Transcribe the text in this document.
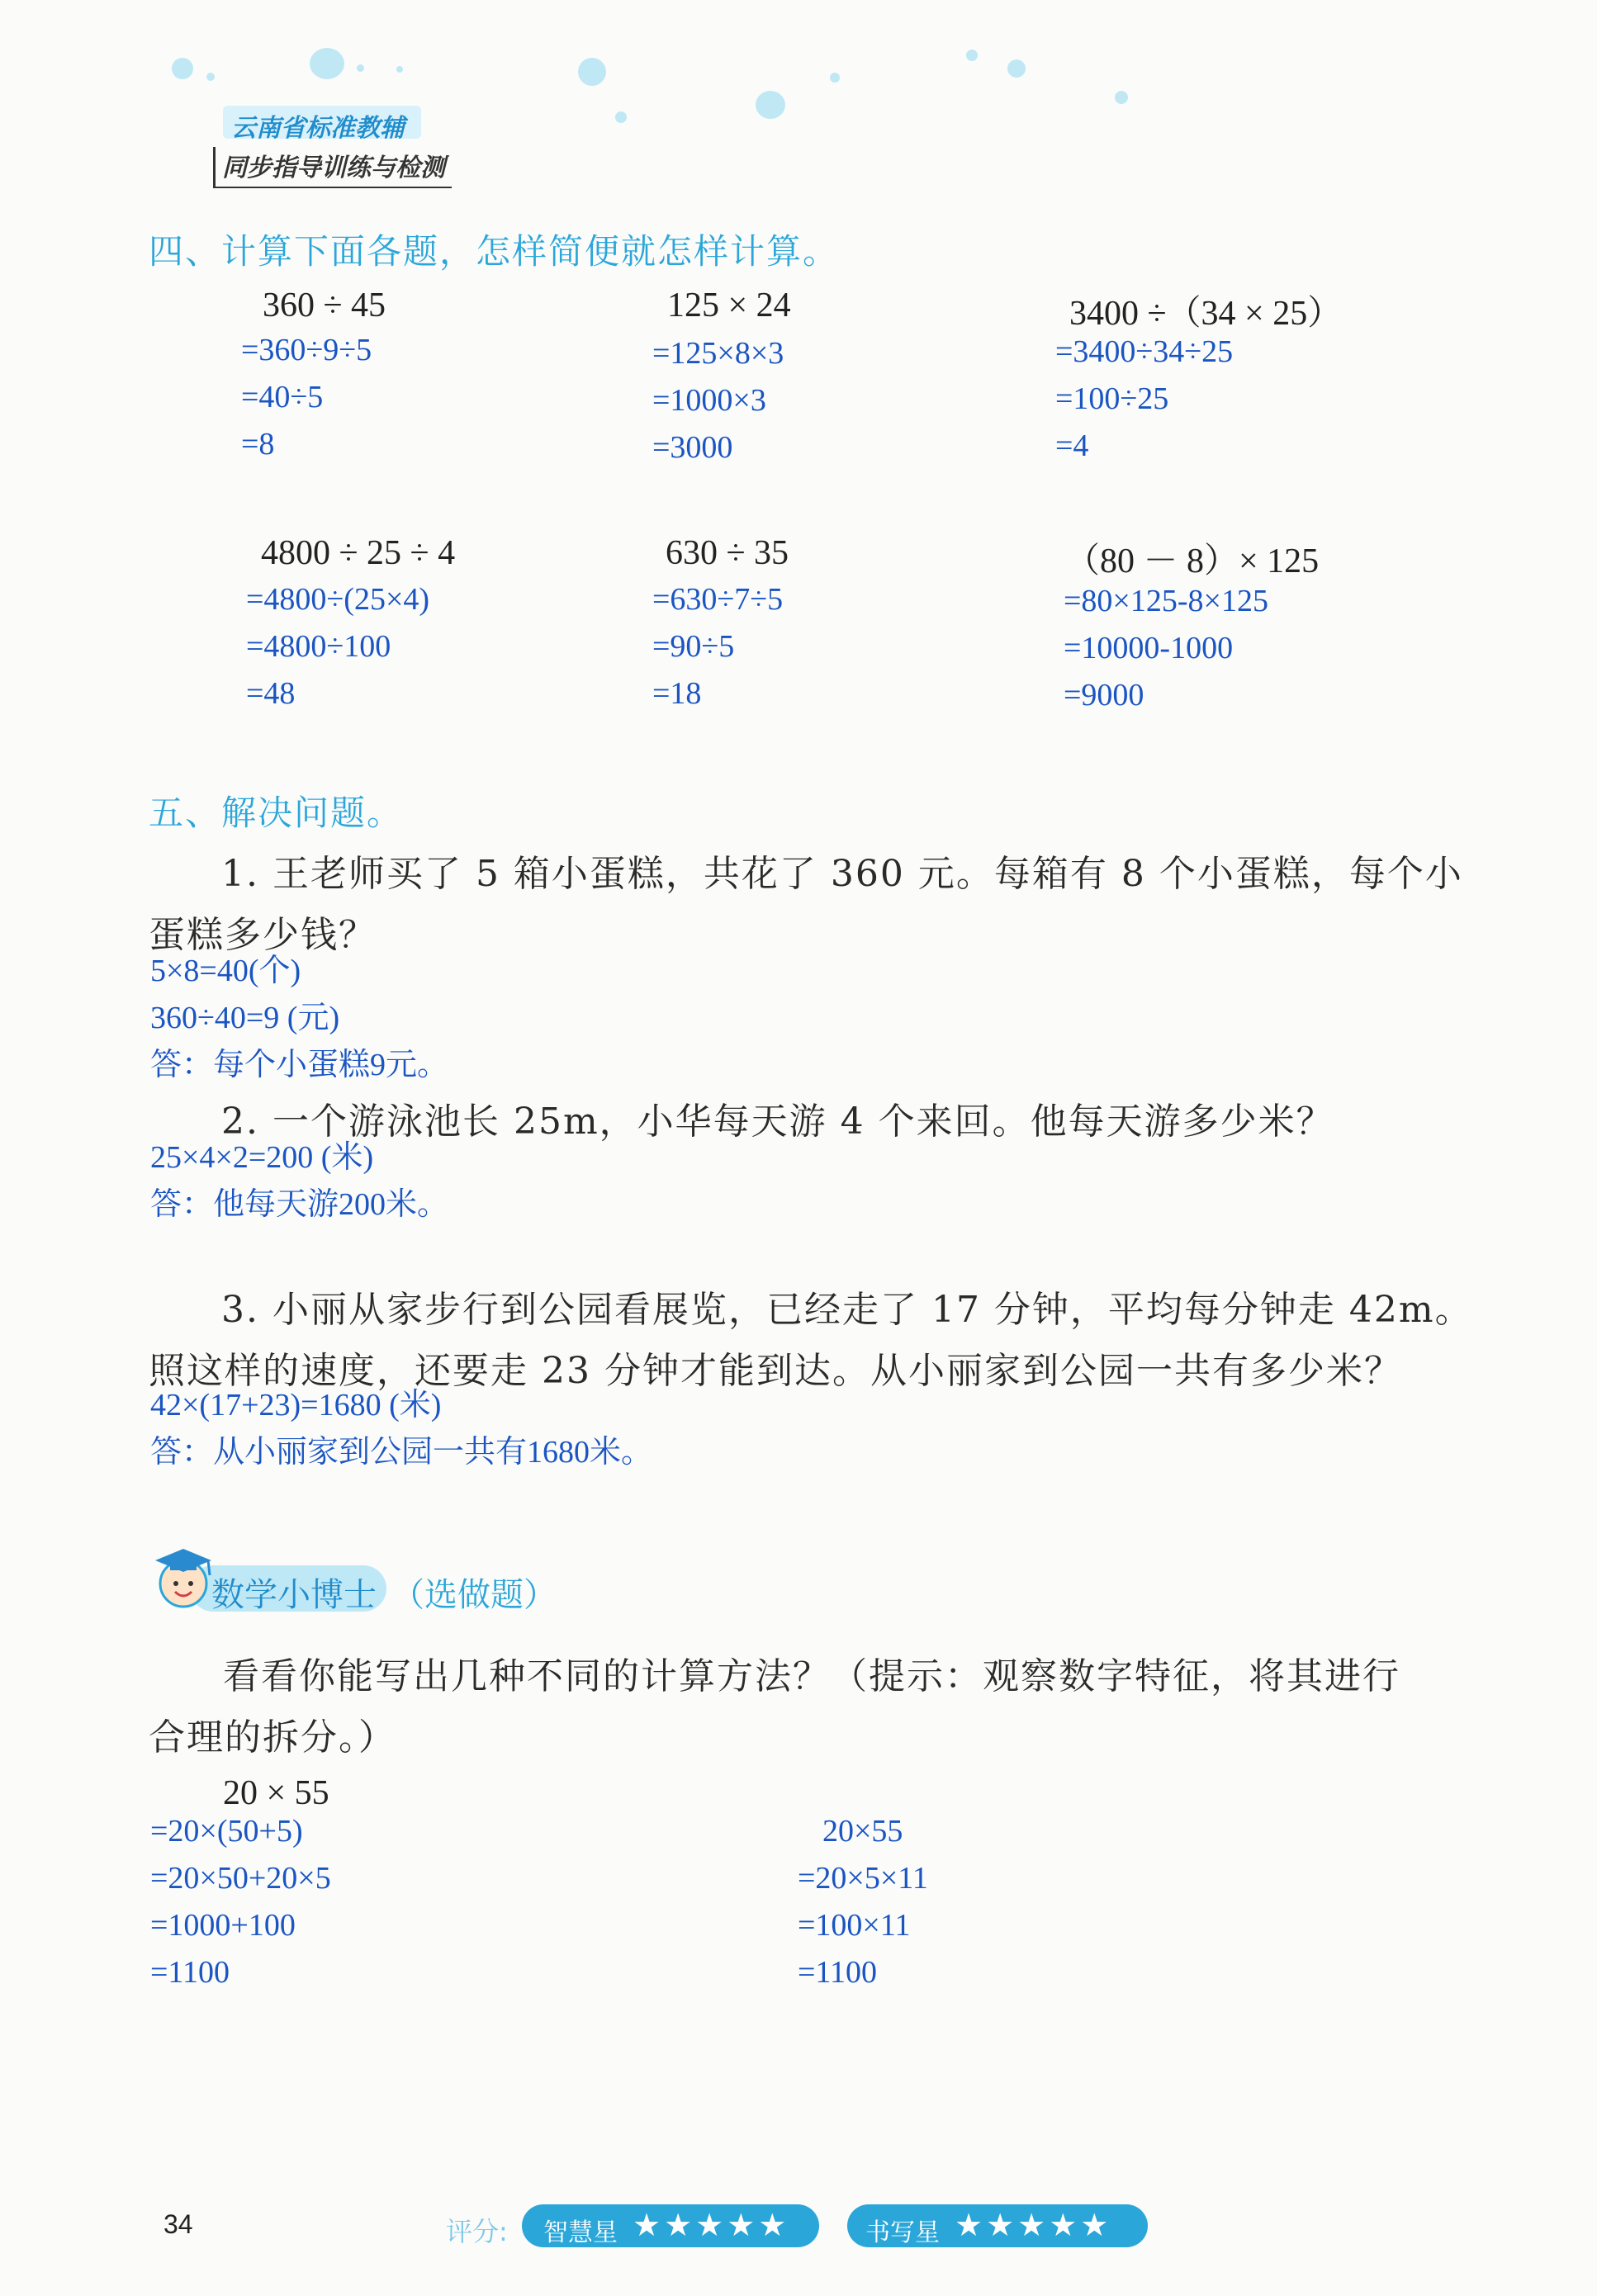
云南省标准教辅
同步指导训练与检测
四、计算下面各题，怎样简便就怎样计算。
360 ÷ 45
=360÷9÷5
=40÷5
=8
125 × 24
=125×8×3
=1000×3
=3000
3400 ÷（34 × 25）
=3400÷34÷25
=100÷25
=4
4800 ÷ 25 ÷ 4
=4800÷(25×4)
=4800÷100
=48
630 ÷ 35
=630÷7÷5
=90÷5
=18
（80 － 8）× 125
=80×125-8×125
=10000-1000
=9000
五、解决问题。
1. 王老师买了 5 箱小蛋糕，共花了 360 元。每箱有 8 个小蛋糕，每个小
蛋糕多少钱？
5×8=40(个)
360÷40=9 (元)
答：每个小蛋糕9元。
2. 一个游泳池长 25m，小华每天游 4 个来回。他每天游多少米？
25×4×2=200 (米)
答：他每天游200米。
3. 小丽从家步行到公园看展览，已经走了 17 分钟，平均每分钟走 42m。
照这样的速度，还要走 23 分钟才能到达。从小丽家到公园一共有多少米？
42×(17+23)=1680 (米)
答：从小丽家到公园一共有1680米。
数学小博士 （选做题）
看看你能写出几种不同的计算方法？（提示：观察数字特征，将其进行
合理的拆分。）
20 × 55
=20×(50+5)
=20×50+20×5
=1000+100
=1100
20×55
=20×5×11
=100×11
=1100
34	评分: 智慧星 ★★★★★	书写星 ★★★★★
